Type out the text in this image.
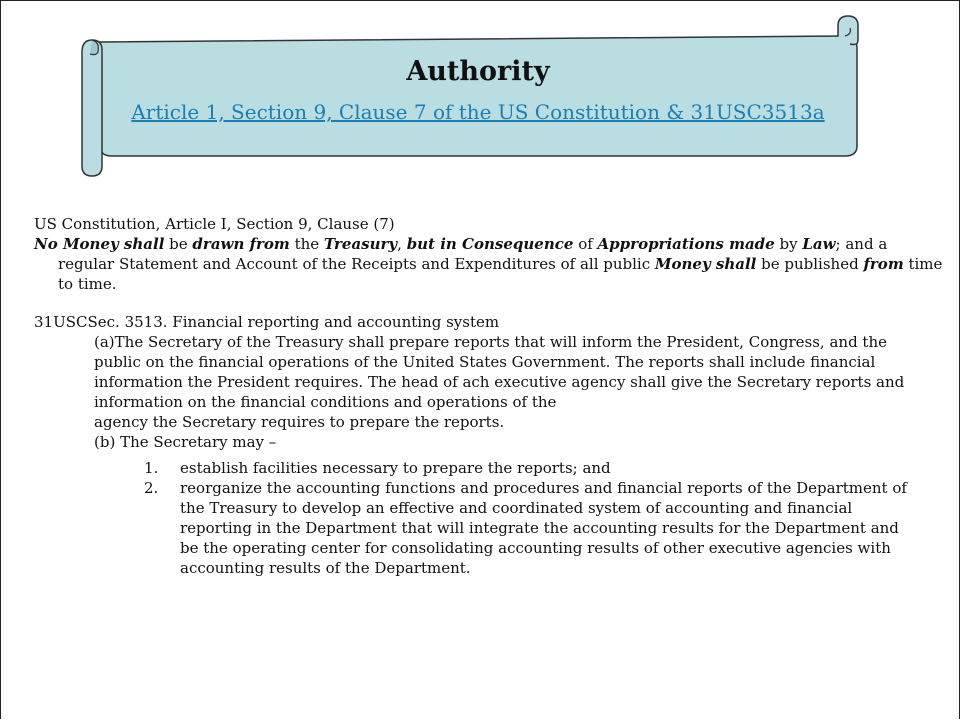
Authority
Article 1, Section 9, Clause 7 of the US Constitution & 31USC3513a

US Constitution, Article I, Section 9, Clause (7)

No Money shall be drawn from the Treasury, but in Consequence of Appropriations made by Law; and a regular Statement and Account of the Receipts and Expenditures of all public Money shall be published from time to time.

31USCSec. 3513. Financial reporting and accounting system

(a)The Secretary of the Treasury shall prepare reports that will inform the President, Congress, and the

public on the financial operations of the United States Government. The reports shall include financial

information the President requires. The head of ach executive agency shall give the Secretary reports and

information on the financial conditions and operations of the

agency the Secretary requires to prepare the reports.

(b) The Secretary may –

1. establish facilities necessary to prepare the reports; and
2. reorganize the accounting functions and procedures and financial reports of the Department of
the Treasury to develop an effective and coordinated system of accounting and financial
reporting in the Department that will integrate the accounting results for the Department and
be the operating center for consolidating accounting results of other executive agencies with
accounting results of the Department.
